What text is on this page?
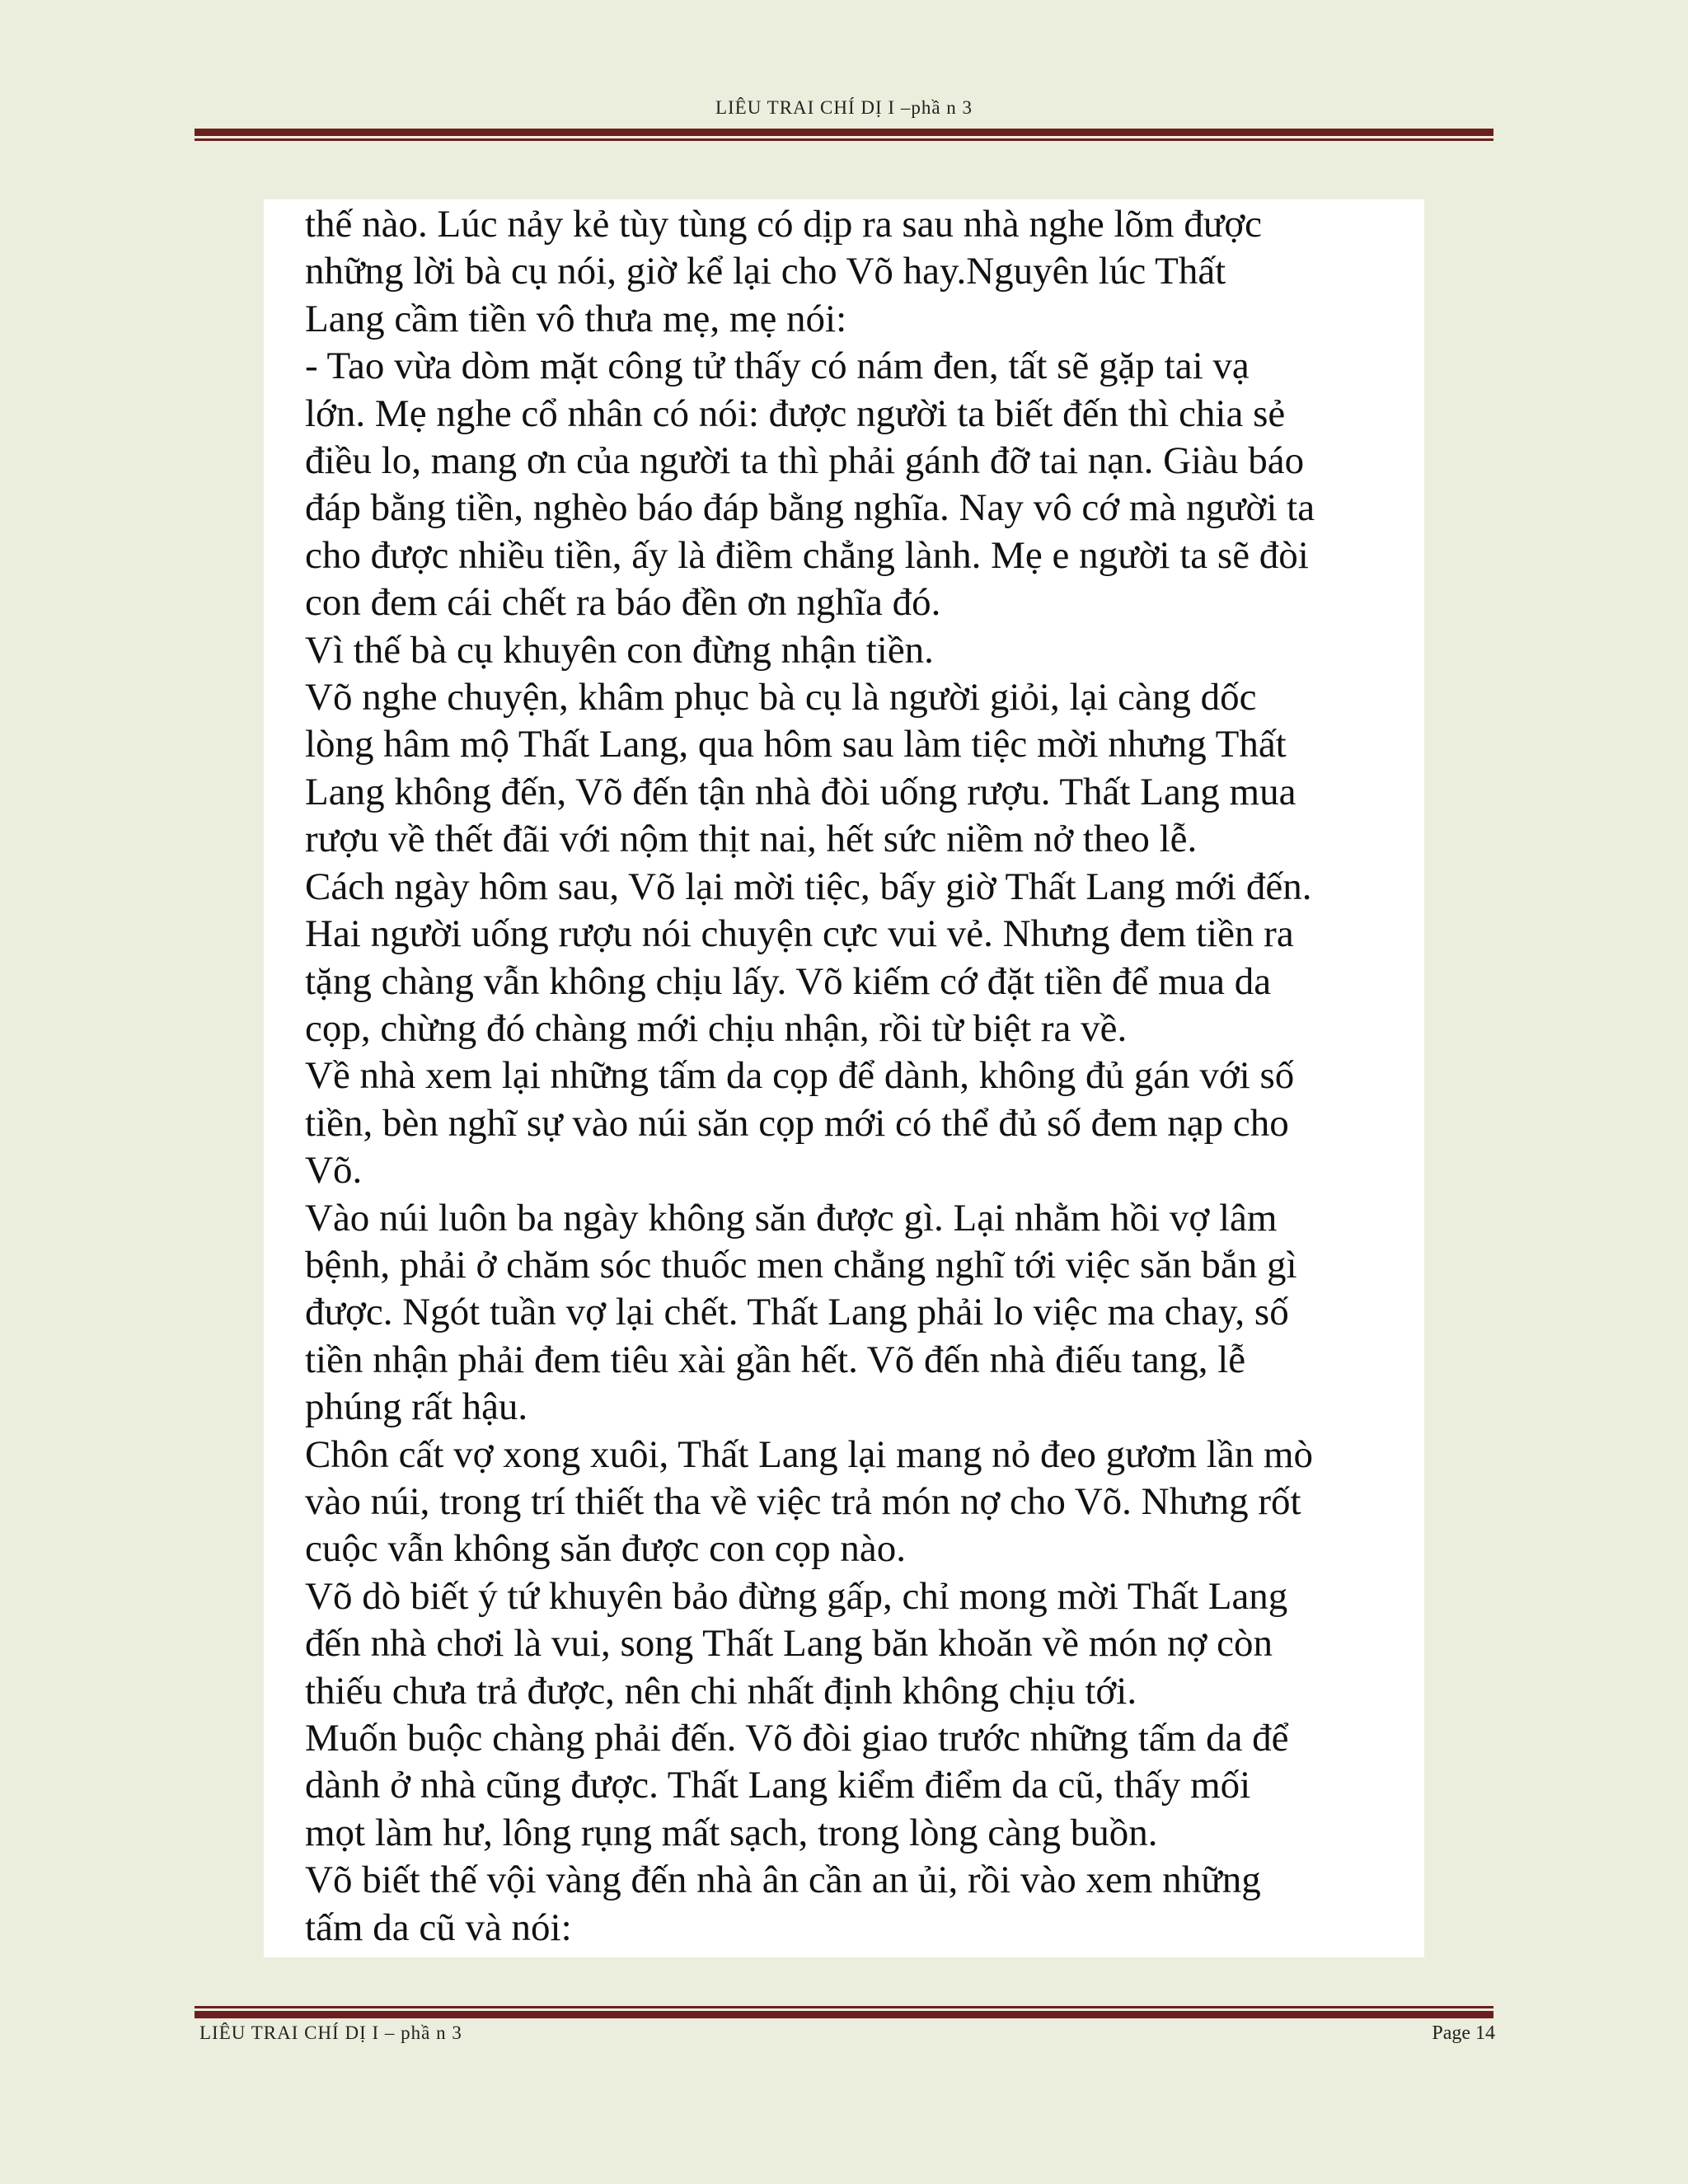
LIÊU TRAI CHÍ DỊ I –phầ n 3
thế nào. Lúc nảy kẻ tùy tùng có dịp ra sau nhà nghe lõm được
những lời bà cụ nói, giờ kể lại cho Võ hay.Nguyên lúc Thất
Lang cầm tiền vô thưa mẹ, mẹ nói:
- Tao vừa dòm mặt công tử thấy có nám đen, tất sẽ gặp tai vạ
lớn. Mẹ nghe cổ nhân có nói: được người ta biết đến thì chia sẻ
điều lo, mang ơn của người ta thì phải gánh đỡ tai nạn. Giàu báo
đáp bằng tiền, nghèo báo đáp bằng nghĩa. Nay vô cớ mà người ta
cho được nhiều tiền, ấy là điềm chẳng lành. Mẹ e người ta sẽ đòi
con đem cái chết ra báo đền ơn nghĩa đó.
Vì thế bà cụ khuyên con đừng nhận tiền.
Võ nghe chuyện, khâm phục bà cụ là người giỏi, lại càng dốc
lòng hâm mộ Thất Lang, qua hôm sau làm tiệc mời nhưng Thất
Lang không đến, Võ đến tận nhà đòi uống rượu. Thất Lang mua
rượu về thết đãi với nộm thịt nai, hết sức niềm nở theo lễ.
Cách ngày hôm sau, Võ lại mời tiệc, bấy giờ Thất Lang mới đến.
Hai người uống rượu nói chuyện cực vui vẻ. Nhưng đem tiền ra
tặng chàng vẫn không chịu lấy. Võ kiếm cớ đặt tiền để mua da
cọp, chừng đó chàng mới chịu nhận, rồi từ biệt ra về.
Về nhà xem lại những tấm da cọp để dành, không đủ gán với số
tiền, bèn nghĩ sự vào núi săn cọp mới có thể đủ số đem nạp cho
Võ.
Vào núi luôn ba ngày không săn được gì. Lại nhằm hồi vợ lâm
bệnh, phải ở chăm sóc thuốc men chẳng nghĩ tới việc săn bắn gì
được. Ngót tuần vợ lại chết. Thất Lang phải lo việc ma chay, số
tiền nhận phải đem tiêu xài gần hết. Võ đến nhà điếu tang, lễ
phúng rất hậu.
Chôn cất vợ xong xuôi, Thất Lang lại mang nỏ đeo gươm lần mò
vào núi, trong trí thiết tha về việc trả món nợ cho Võ. Nhưng rốt
cuộc vẫn không săn được con cọp nào.
Võ dò biết ý tứ khuyên bảo đừng gấp, chỉ mong mời Thất Lang
đến nhà chơi là vui, song Thất Lang băn khoăn về món nợ còn
thiếu chưa trả được, nên chi nhất định không chịu tới.
Muốn buộc chàng phải đến. Võ đòi giao trước những tấm da để
dành ở nhà cũng được. Thất Lang kiểm điểm da cũ, thấy mối
mọt làm hư, lông rụng mất sạch, trong lòng càng buồn.
Võ biết thế vội vàng đến nhà ân cần an ủi, rồi vào xem những
tấm da cũ và nói:
LIÊU TRAI CHÍ DỊ I – phầ n 3	Page 14
